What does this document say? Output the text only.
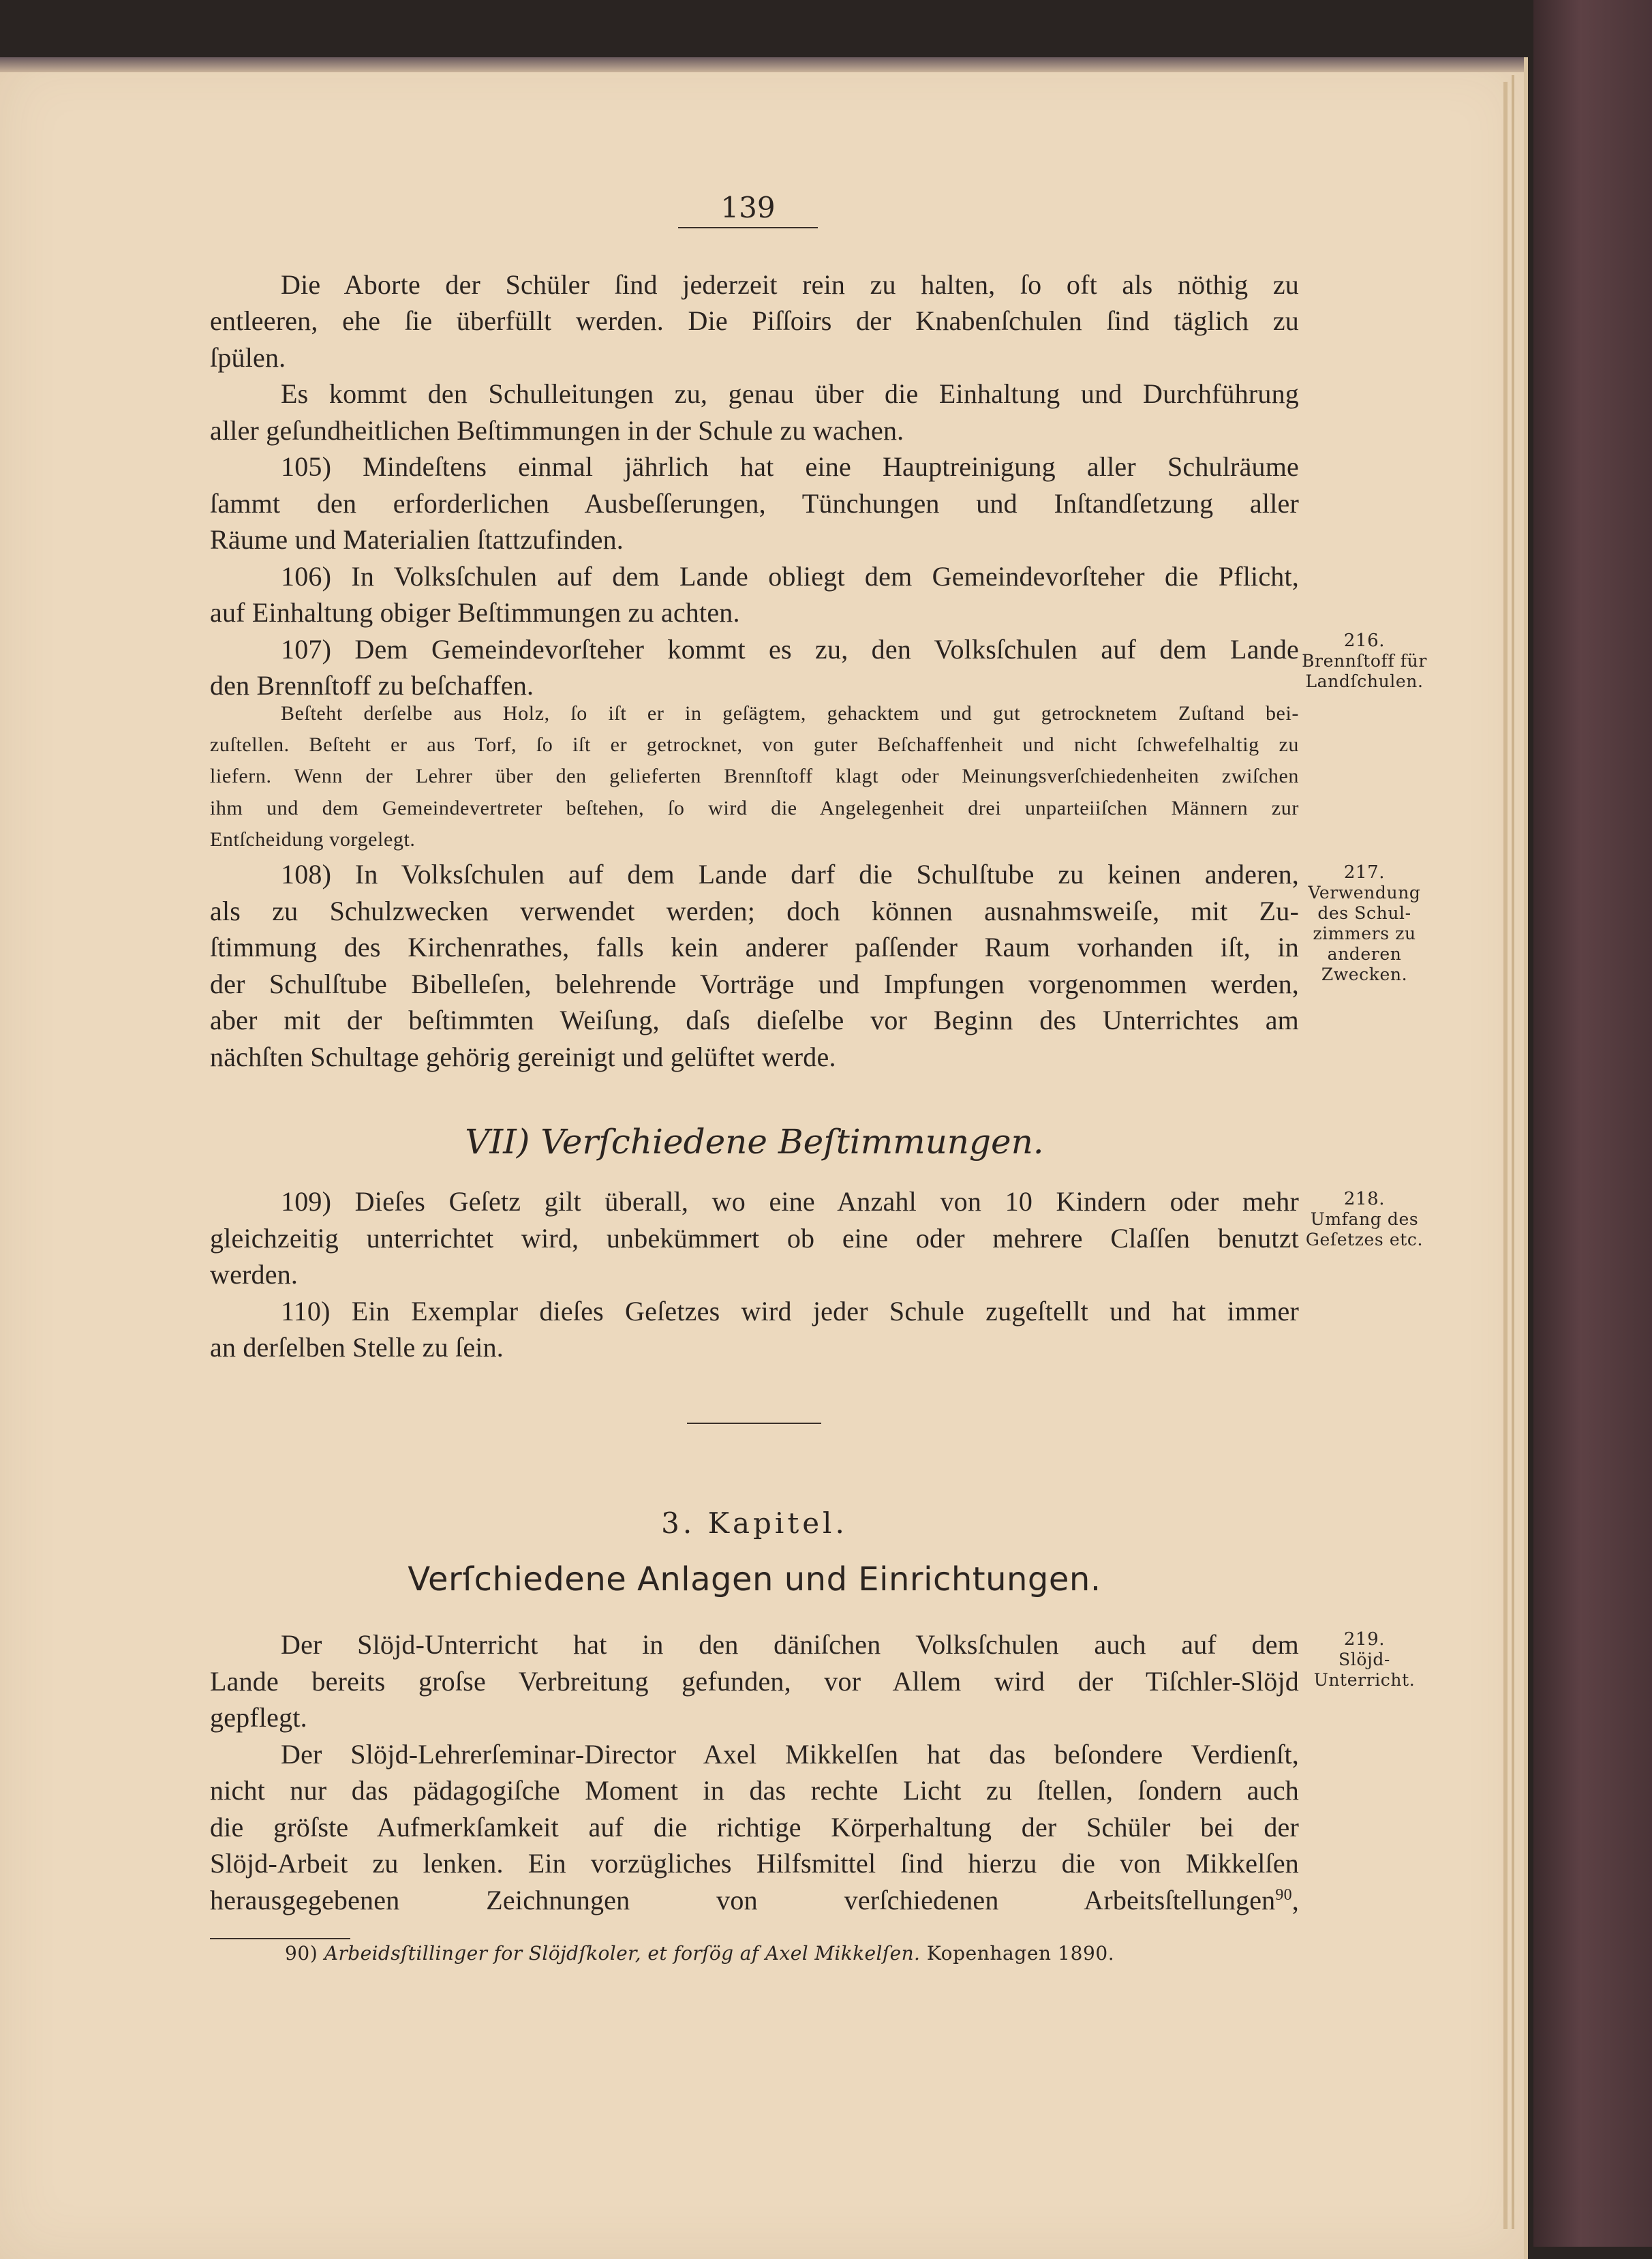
139
Die Aborte der Schüler ſind jederzeit rein zu halten, ſo oft als nöthig zu
entleeren, ehe ſie überfüllt werden. Die Piſſoirs der Knabenſchulen ſind täglich zu
ſpülen.
Es kommt den Schulleitungen zu, genau über die Einhaltung und Durchführung
aller geſundheitlichen Beſtimmungen in der Schule zu wachen.
105) Mindeſtens einmal jährlich hat eine Hauptreinigung aller Schulräume
ſammt den erforderlichen Ausbeſſerungen, Tünchungen und Inſtandſetzung aller
Räume und Materialien ſtattzufinden.
106) In Volksſchulen auf dem Lande obliegt dem Gemeindevorſteher die Pflicht,
auf Einhaltung obiger Beſtimmungen zu achten.
107) Dem Gemeindevorſteher kommt es zu, den Volksſchulen auf dem Lande
den Brennſtoff zu beſchaffen.
Beſteht derſelbe aus Holz, ſo iſt er in geſägtem, gehacktem und gut getrocknetem Zuſtand bei-
zuſtellen. Beſteht er aus Torf, ſo iſt er getrocknet, von guter Beſchaffenheit und nicht ſchwefelhaltig zu
liefern. Wenn der Lehrer über den gelieferten Brennſtoff klagt oder Meinungsverſchiedenheiten zwiſchen
ihm und dem Gemeindevertreter beſtehen, ſo wird die Angelegenheit drei unparteiiſchen Männern zur
Entſcheidung vorgelegt.
108) In Volksſchulen auf dem Lande darf die Schulſtube zu keinen anderen,
als zu Schulzwecken verwendet werden; doch können ausnahmsweiſe, mit Zu-
ſtimmung des Kirchenrathes, falls kein anderer paſſender Raum vorhanden iſt, in
der Schulſtube Bibelleſen, belehrende Vorträge und Impfungen vorgenommen werden,
aber mit der beſtimmten Weiſung, daſs dieſelbe vor Beginn des Unterrichtes am
nächſten Schultage gehörig gereinigt und gelüftet werde.
109) Dieſes Geſetz gilt überall, wo eine Anzahl von 10 Kindern oder mehr
gleichzeitig unterrichtet wird, unbekümmert ob eine oder mehrere Claſſen benutzt
werden.
110) Ein Exemplar dieſes Geſetzes wird jeder Schule zugeſtellt und hat immer
an derſelben Stelle zu ſein.
Der Slöjd-Unterricht hat in den däniſchen Volksſchulen auch auf dem
Lande bereits groſse Verbreitung gefunden, vor Allem wird der Tiſchler-Slöjd
gepflegt.
Der Slöjd-Lehrerſeminar-Director Axel Mikkelſen hat das beſondere Verdienſt,
nicht nur das pädagogiſche Moment in das rechte Licht zu ſtellen, ſondern auch
die gröſste Aufmerkſamkeit auf die richtige Körperhaltung der Schüler bei der
Slöjd-Arbeit zu lenken. Ein vorzügliches Hilfsmittel ſind hierzu die von Mikkelſen
herausgegebenen Zeichnungen von verſchiedenen Arbeitsſtellungen $^{90}$,
VII) Verſchiedene Beſtimmungen.
3. Kapitel.
Verſchiedene Anlagen und Einrichtungen.
90) Arbeidsſtillinger for Slöjdſkoler, et forſög af Axel Mikkelſen. Kopenhagen 1890.
216.
Brennſtoff für
Landſchulen.
217.
Verwendung
des Schul-
zimmers zu
anderen
Zwecken.
218.
Umfang des
Geſetzes etc.
219.
Slöjd-
Unterricht.
